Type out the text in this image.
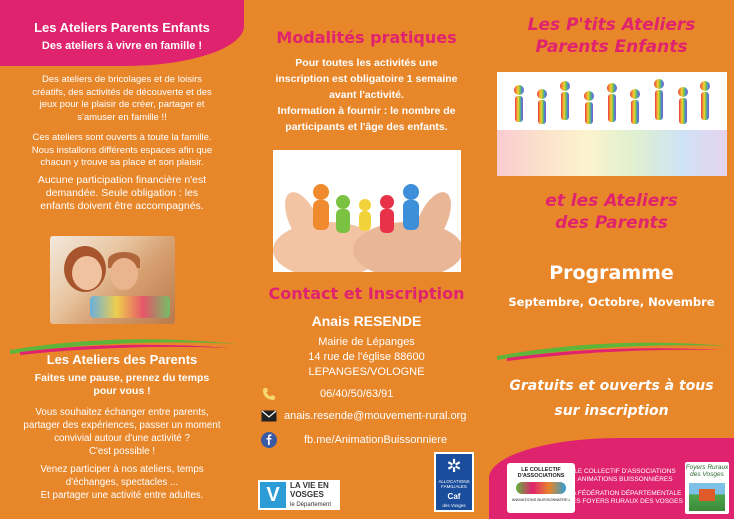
Les Ateliers Parents Enfants
Des ateliers à vivre en famille !
Des ateliers de bricolages et de loisirs
créatifs, des activités de découverte et des
jeux pour le plaisir de créer, partager et
s'amuser en famille !!
Ces ateliers sont ouverts à toute la famille.
Nous installons différents espaces afin que
chacun y trouve sa place et son plaisir.
Aucune participation financière n'est
demandée. Seule obligation : les
enfants doivent être accompagnés.
Les Ateliers des Parents
Faites une pause, prenez du temps
pour vous !
Vous souhaitez échanger entre parents,
partager des expériences, passer un moment
convivial autour d'une activité ?
C'est possible !
Venez participer à nos ateliers, temps
d'échanges, spectacles ...
Et partager une activité entre adultes.
Modalités pratiques
Pour toutes les activités une
inscription est obligatoire 1 semaine
avant l'activité.
Information à fournir : le nombre de
participants et l'âge des enfants.
Contact et Inscription
Anais RESENDE
Mairie de Lépanges
14 rue de l'église 88600
LEPANGES/VOLOGNE
06/40/50/63/91
anais.resende@mouvement-rural.org
fb.me/AnimationBuissonniere
V	LA VIE EN
VOSGES
le Département
✲
ALLOCATIONS
FAMILIALES
Caf
des Vosges
Les P'tits Ateliers
Parents Enfants
et les Ateliers
des Parents
Programme
Septembre, Octobre, Novembre
Gratuits et ouverts à tous
sur inscription
LE COLLECTIF
D'ASSOCIATIONS
ANIMATIONS BUISSONNIÈRES
LE COLLECTIF D'ASSOCIATIONS
ANIMATIONS BUISSONNIÈRES
LA FÉDÉRATION DÉPARTEMENTALE
DES FOYERS RURAUX DES VOSGES
Foyers Ruraux des Vosges
